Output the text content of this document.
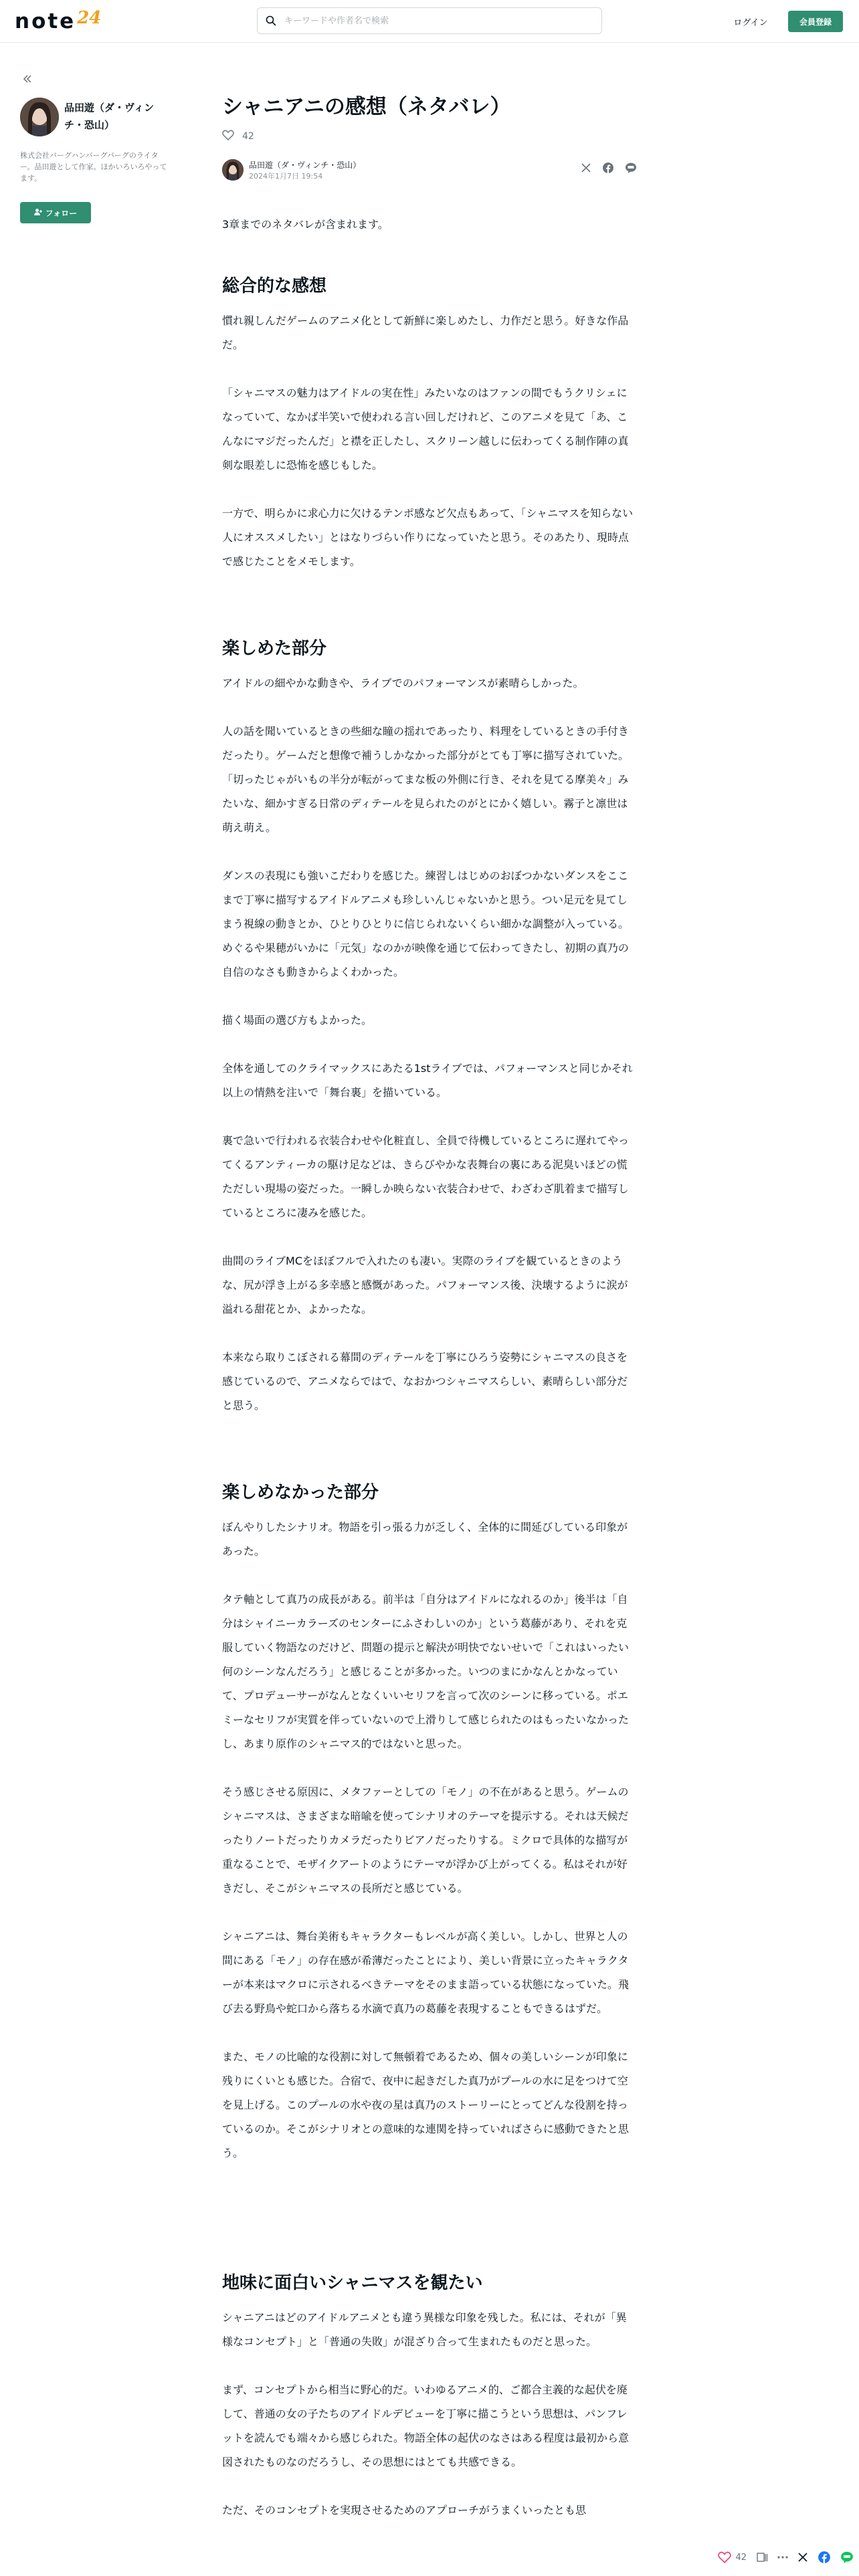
note 24
キーワードや作者名で検索	ログイン	会員登録
品田遊（ダ・ヴィンチ・恐山）
株式会社バーグハンバーグバーグのライター。品田遊として作家。ほかいろいろやってます。
フォロー
シャニアニの感想（ネタバレ）
42
品田遊（ダ・ヴィンチ・恐山）
2024年1月7日 19:54

3章までのネタバレが含まれます。

総合的な感想

慣れ親しんだゲームのアニメ化として新鮮に楽しめたし、力作だと思う。好きな作品だ。

「シャニマスの魅力はアイドルの実在性」みたいなのはファンの間でもうクリシェになっていて、なかば半笑いで使われる言い回しだけれど、このアニメを見て「あ、こんなにマジだったんだ」と襟を正したし、スクリーン越しに伝わってくる制作陣の真剣な眼差しに恐怖を感じもした。

一方で、明らかに求心力に欠けるテンポ感など欠点もあって、「シャニマスを知らない人にオススメしたい」とはなりづらい作りになっていたと思う。そのあたり、現時点で感じたことをメモします。

楽しめた部分

アイドルの細やかな動きや、ライブでのパフォーマンスが素晴らしかった。

人の話を聞いているときの些細な瞳の揺れであったり、料理をしているときの手付きだったり。ゲームだと想像で補うしかなかった部分がとても丁寧に描写されていた。「切ったじゃがいもの半分が転がってまな板の外側に行き、それを見てる摩美々」みたいな、細かすぎる日常のディテールを見られたのがとにかく嬉しい。霧子と凛世は萌え萌え。

ダンスの表現にも強いこだわりを感じた。練習しはじめのおぼつかないダンスをここまで丁寧に描写するアイドルアニメも珍しいんじゃないかと思う。つい足元を見てしまう視線の動きとか、ひとりひとりに信じられないくらい細かな調整が入っている。めぐるや果穂がいかに「元気」なのかが映像を通じて伝わってきたし、初期の真乃の自信のなさも動きからよくわかった。

描く場面の選び方もよかった。

全体を通してのクライマックスにあたる1stライブでは、パフォーマンスと同じかそれ以上の情熱を注いで「舞台裏」を描いている。

裏で急いで行われる衣装合わせや化粧直し、全員で待機しているところに遅れてやってくるアンティーカの駆け足などは、きらびやかな表舞台の裏にある泥臭いほどの慌ただしい現場の姿だった。一瞬しか映らない衣装合わせで、わざわざ肌着まで描写しているところに凄みを感じた。

曲間のライブMCをほぼフルで入れたのも凄い。実際のライブを観ているときのような、尻が浮き上がる多幸感と感慨があった。パフォーマンス後、決壊するように涙が溢れる甜花とか、よかったな。

本来なら取りこぼされる幕間のディテールを丁寧にひろう姿勢にシャニマスの良さを感じているので、アニメならではで、なおかつシャニマスらしい、素晴らしい部分だと思う。

楽しめなかった部分

ぼんやりしたシナリオ。物語を引っ張る力が乏しく、全体的に間延びしている印象があった。

タテ軸として真乃の成長がある。前半は「自分はアイドルになれるのか」後半は「自分はシャイニーカラーズのセンターにふさわしいのか」という葛藤があり、それを克服していく物語なのだけど、問題の提示と解決が明快でないせいで「これはいったい何のシーンなんだろう」と感じることが多かった。いつのまにかなんとかなっていて、プロデューサーがなんとなくいいセリフを言って次のシーンに移っている。ポエミーなセリフが実質を伴っていないので上滑りして感じられたのはもったいなかったし、あまり原作のシャニマス的ではないと思った。

そう感じさせる原因に、メタファーとしての「モノ」の不在があると思う。ゲームのシャニマスは、さまざまな暗喩を使ってシナリオのテーマを提示する。それは天候だったりノートだったりカメラだったりビアノだったりする。ミクロで具体的な描写が重なることで、モザイクアートのようにテーマが浮かび上がってくる。私はそれが好きだし、そこがシャニマスの長所だと感じている。

シャニアニは、舞台美術もキャラクターもレベルが高く美しい。しかし、世界と人の間にある「モノ」の存在感が希薄だったことにより、美しい背景に立ったキャラクターが本来はマクロに示されるべきテーマをそのまま語っている状態になっていた。飛び去る野鳥や蛇口から落ちる水滴で真乃の葛藤を表現することもできるはずだ。

また、モノの比喩的な役割に対して無頓着であるため、個々の美しいシーンが印象に残りにくいとも感じた。合宿で、夜中に起きだした真乃がプールの水に足をつけて空を見上げる。このプールの水や夜の星は真乃のストーリーにとってどんな役割を持っているのか。そこがシナリオとの意味的な連関を持っていればさらに感動できたと思う。

地味に面白いシャニマスを観たい

シャニアニはどのアイドルアニメとも違う異様な印象を残した。私には、それが「異様なコンセプト」と「普通の失敗」が混ざり合って生まれたものだと思った。

まず、コンセプトから相当に野心的だ。いわゆるアニメ的、ご都合主義的な起伏を廃して、普通の女の子たちのアイドルデビューを丁寧に描こうという思想は、パンフレットを読んでも端々から感じられた。物語全体の起伏のなさはある程度は最初から意図されたものなのだろうし、その思想にはとても共感できる。

ただ、そのコンセプトを実現させるためのアプローチがうまくいったとも思

42
